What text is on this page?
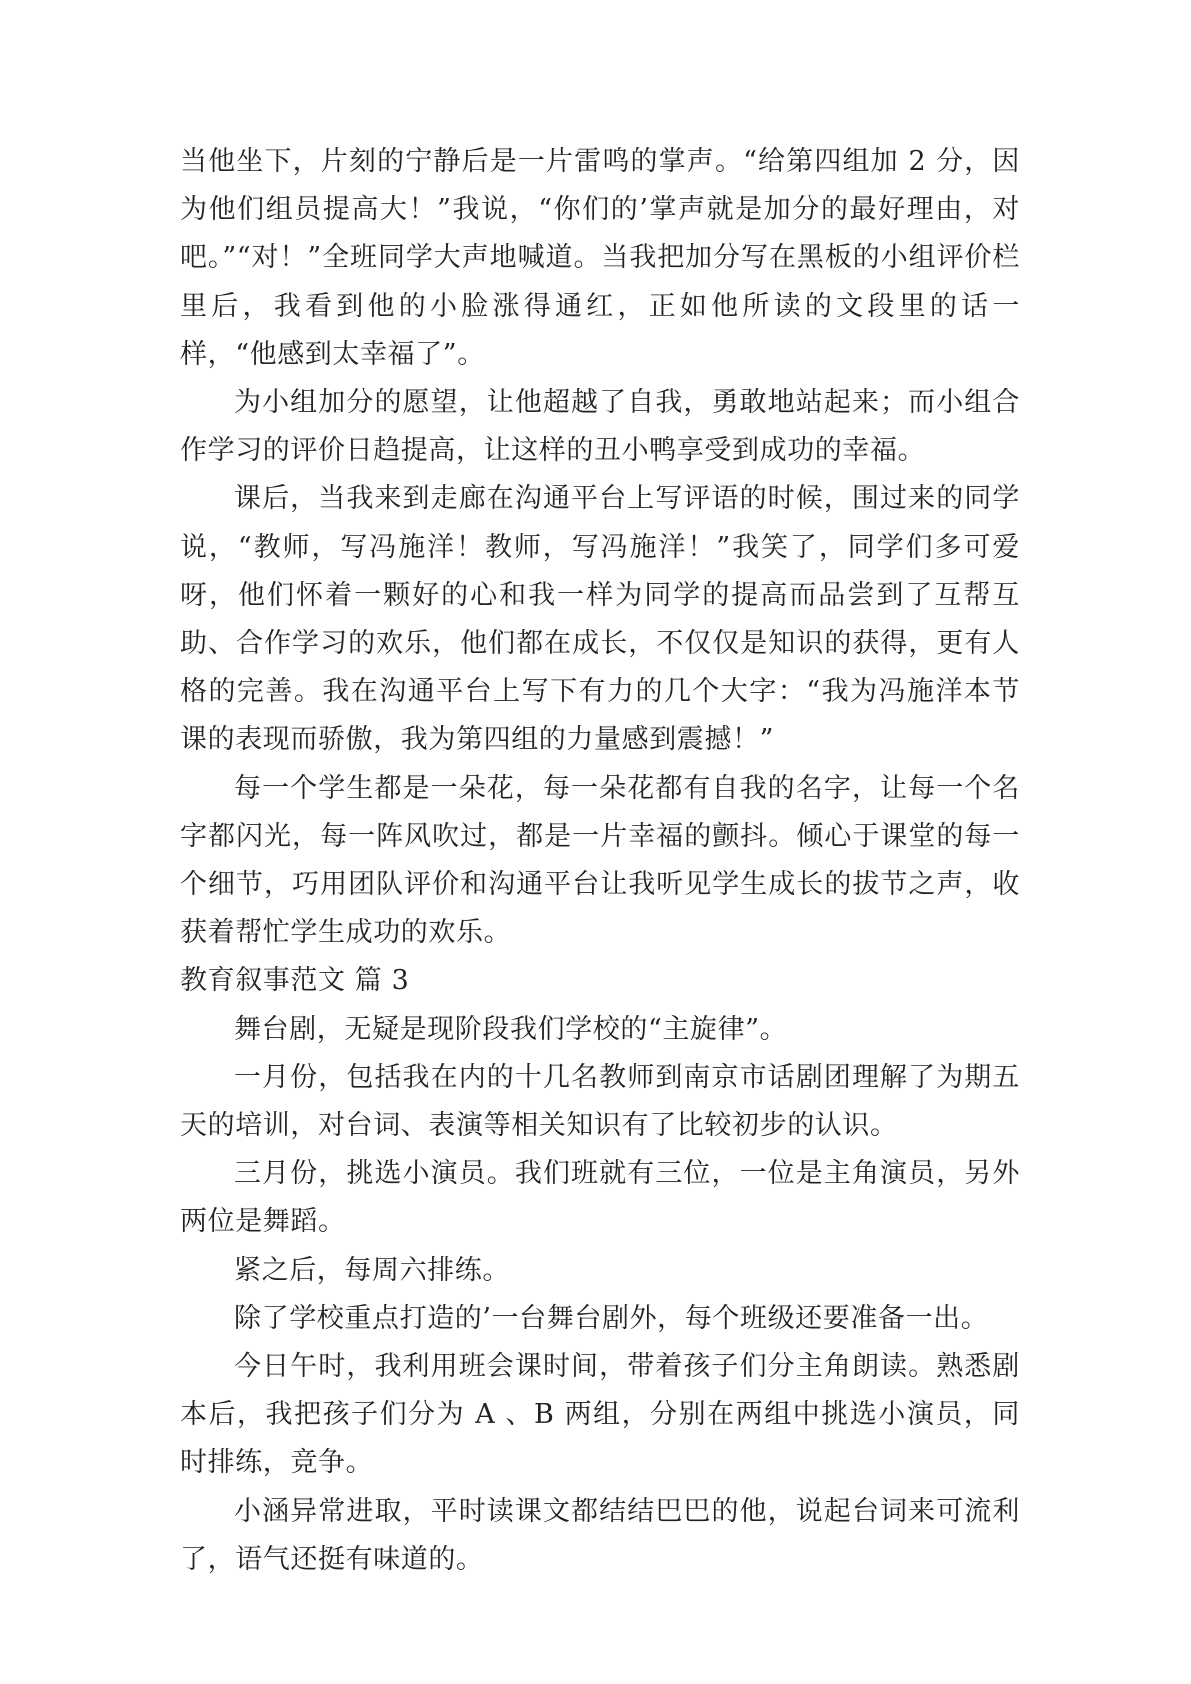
当他坐下，片刻的宁静后是一片雷鸣的掌声。“给第四组加 2 分，因为他们组员提高大！”我说，“你们的’掌声就是加分的最好理由，对吧。”“对！”全班同学大声地喊道。当我把加分写在黑板的小组评价栏里后，我看到他的小脸涨得通红，正如他所读的文段里的话一样，“他感到太幸福了”。

为小组加分的愿望，让他超越了自我，勇敢地站起来；而小组合作学习的评价日趋提高，让这样的丑小鸭享受到成功的幸福。

课后，当我来到走廊在沟通平台上写评语的时候，围过来的同学说，“教师，写冯施洋！教师，写冯施洋！”我笑了，同学们多可爱呀，他们怀着一颗好的心和我一样为同学的提高而品尝到了互帮互助、合作学习的欢乐，他们都在成长，不仅仅是知识的获得，更有人格的完善。我在沟通平台上写下有力的几个大字：“我为冯施洋本节课的表现而骄傲，我为第四组的力量感到震撼！”

每一个学生都是一朵花，每一朵花都有自我的名字，让每一个名字都闪光，每一阵风吹过，都是一片幸福的颤抖。倾心于课堂的每一个细节，巧用团队评价和沟通平台让我听见学生成长的拔节之声，收获着帮忙学生成功的欢乐。

教育叙事范文 篇 3

舞台剧，无疑是现阶段我们学校的“主旋律”。

一月份，包括我在内的十几名教师到南京市话剧团理解了为期五天的培训，对台词、表演等相关知识有了比较初步的认识。

三月份，挑选小演员。我们班就有三位，一位是主角演员，另外两位是舞蹈。

紧之后，每周六排练。

除了学校重点打造的’一台舞台剧外，每个班级还要准备一出。

今日午时，我利用班会课时间，带着孩子们分主角朗读。熟悉剧本后，我把孩子们分为 A 、B 两组，分别在两组中挑选小演员，同时排练，竞争。

小涵异常进取，平时读课文都结结巴巴的他，说起台词来可流利了，语气还挺有味道的。
